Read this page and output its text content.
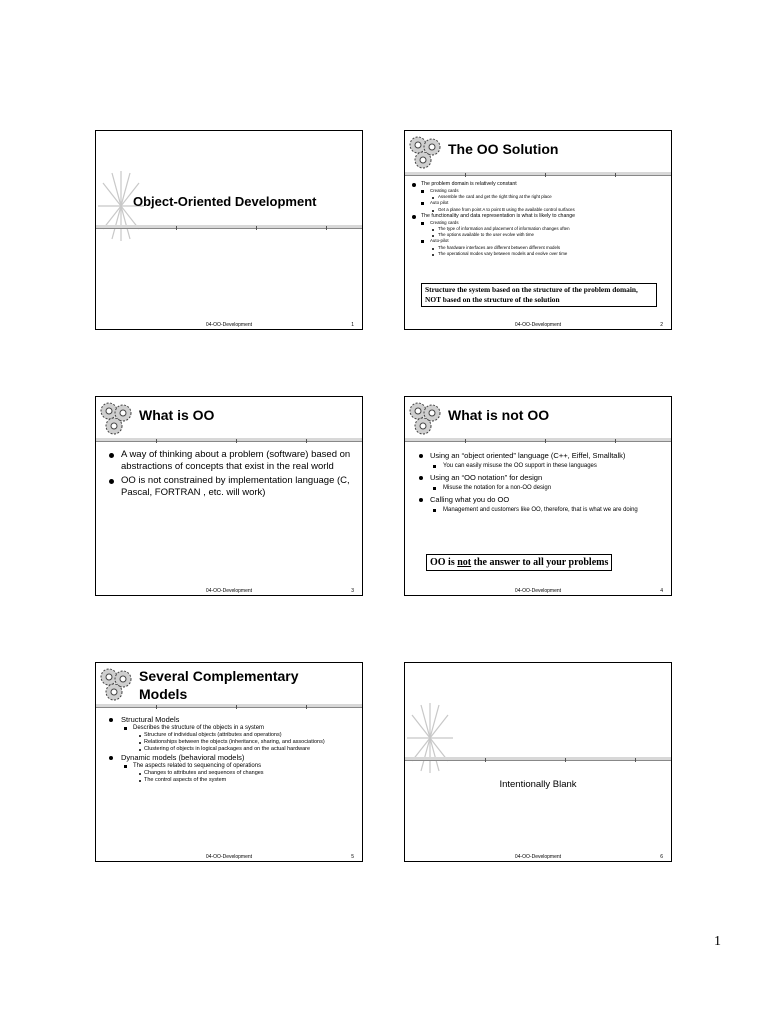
Object-Oriented Development
04-OO-Development	1
The OO Solution
The problem domain is relatively constant
Creating cards
Assemble the card and get the right thing at the right place
Auto pilot
Get a plane from point A to point B using the available control surfaces
The functionality and data representation is what is likely to change
Creating cards
The type of information and placement of information changes often
The options available to the user evolve with time
Auto-pilot
The hardware interfaces are different between different models
The operational modes vary between models and evolve over time
Structure the system based on the structure of the problem domain, NOT based on the structure of the solution
04-OO-Development	2
What is OO
A way of thinking about a problem (software) based on abstractions of concepts that exist in the real world
OO is not constrained by implementation language (C, Pascal, FORTRAN , etc. will work)
04-OO-Development	3
What is not OO
Using an “object oriented” language (C++, Eiffel, Smalltalk)
You can easily misuse the OO support in these languages
Using an “OO notation” for design
Misuse the notation for a non-OO design
Calling what you do OO
Management and customers like OO, therefore, that is what we are doing
OO is not the answer to all your problems
04-OO-Development	4
Several Complementary
Models
Structural Models
Describes the structure of the objects in a system
Structure of individual objects (attributes and operations)
Relationships between the objects (inheritance, sharing, and associations)
Clustering of objects in logical packages and on the actual hardware
Dynamic models (behavioral models)
The aspects related to sequencing of operations
Changes to attributes and sequences of changes
The control aspects of the system
04-OO-Development	5
Intentionally Blank
04-OO-Development	6
1
